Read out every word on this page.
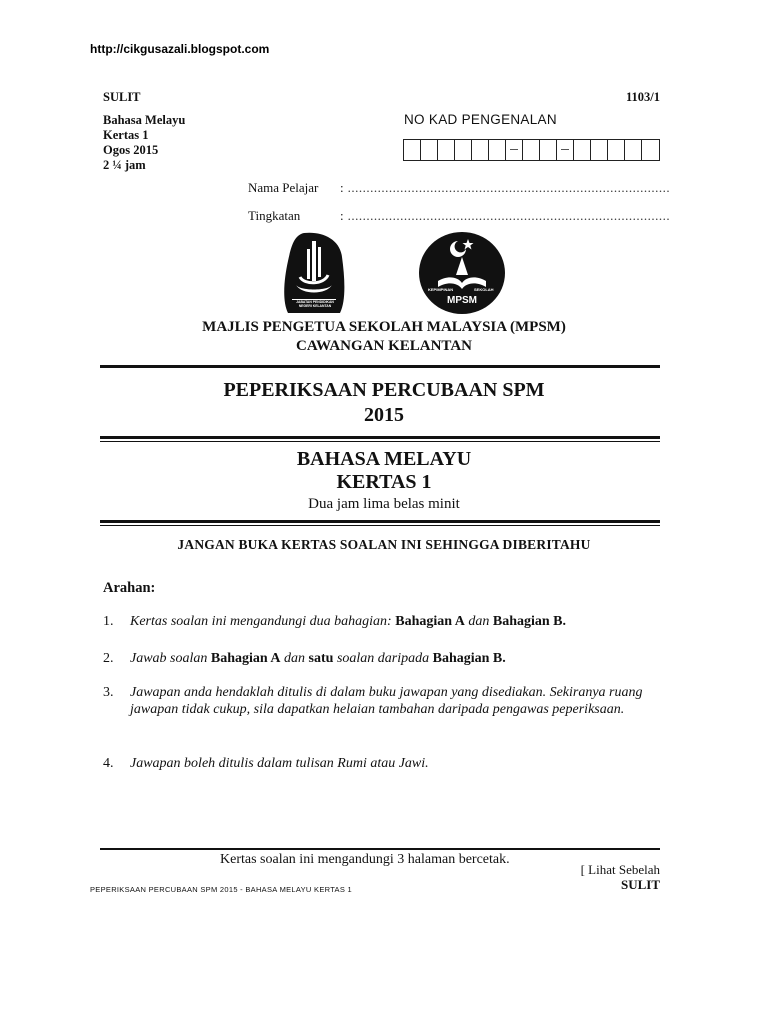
http://cikgusazali.blogspot.com
SULIT
Bahasa Melayu
Kertas 1
Ogos 2015
2 ¼ jam
1103/1
NO KAD PENGENALAN
Nama Pelajar	: ......................................................................................
Tingkatan	: ......................................................................................
JABATAN PENDIDIKAN NEGERI KELANTAN
KEPIMPINAN	SEKOLAH
MPSM
MAJLIS PENGETUA SEKOLAH MALAYSIA (MPSM)
CAWANGAN KELANTAN
PEPERIKSAAN PERCUBAAN SPM
2015
BAHASA MELAYU
KERTAS 1
Dua jam lima belas minit
JANGAN BUKA KERTAS SOALAN INI SEHINGGA DIBERITAHU
Arahan:
1.	Kertas soalan ini mengandungi dua bahagian: Bahagian A dan Bahagian B.
2.	Jawab soalan Bahagian A dan satu soalan daripada Bahagian B.
3.	Jawapan anda hendaklah ditulis di dalam buku jawapan yang disediakan. Sekiranya ruang jawapan tidak cukup, sila dapatkan helaian tambahan daripada pengawas peperiksaan.
4.	Jawapan boleh ditulis dalam tulisan Rumi atau Jawi.
Kertas soalan ini mengandungi 3 halaman bercetak.
[ Lihat Sebelah
SULIT
PEPERIKSAAN PERCUBAAN SPM 2015 - BAHASA MELAYU KERTAS 1
